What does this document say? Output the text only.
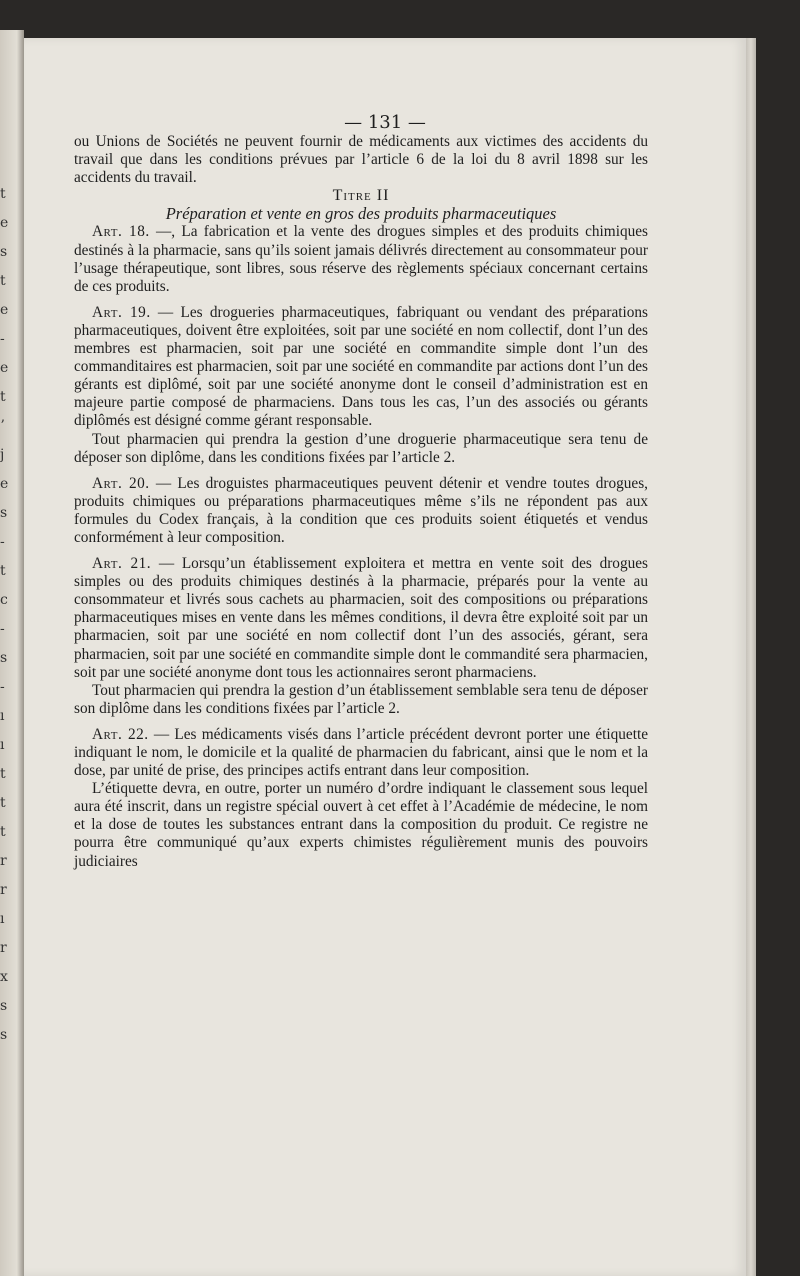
t
e
s
t
e
-
e
t
ʼ
j
e
s
-
t
c
-
s
-
ı
ı
t
t
t
r
r
ı
r
x
s
s
— 131 —

ou Unions de Sociétés ne peuvent fournir de médicaments aux victimes des accidents du travail que dans les conditions prévues par l’article 6 de la loi du 8 avril 1898 sur les accidents du travail.

Titre II

Préparation et vente en gros des produits pharmaceutiques

Art. 18. —, La fabrication et la vente des drogues simples et des produits chimiques destinés à la pharmacie, sans qu’ils soient jamais délivrés directement au consommateur pour l’usage thérapeutique, sont libres, sous réserve des règlements spéciaux concernant certains de ces produits.

Art. 19. — Les drogueries pharmaceutiques, fabriquant ou vendant des préparations pharmaceutiques, doivent être exploitées, soit par une société en nom collectif, dont l’un des membres est pharmacien, soit par une société en commandite simple dont l’un des commanditaires est pharmacien, soit par une société en commandite par actions dont l’un des gérants est diplômé, soit par une société anonyme dont le conseil d’administration est en majeure partie composé de pharmaciens. Dans tous les cas, l’un des associés ou gérants diplômés est désigné comme gérant responsable.

Tout pharmacien qui prendra la gestion d’une droguerie pharmaceutique sera tenu de déposer son diplôme, dans les conditions fixées par l’article 2.

Art. 20. — Les droguistes pharmaceutiques peuvent détenir et vendre toutes drogues, produits chimiques ou préparations pharmaceutiques même s’ils ne répondent pas aux formules du Codex français, à la condition que ces produits soient étiquetés et vendus conformément à leur composition.

Art. 21. — Lorsqu’un établissement exploitera et mettra en vente soit des drogues simples ou des produits chimiques destinés à la pharmacie, préparés pour la vente au consommateur et livrés sous cachets au pharmacien, soit des compositions ou préparations pharmaceutiques mises en vente dans les mêmes conditions, il devra être exploité soit par un pharmacien, soit par une société en nom collectif dont l’un des associés, gérant, sera pharmacien, soit par une société en commandite simple dont le commandité sera pharmacien, soit par une société anonyme dont tous les actionnaires seront pharmaciens.

Tout pharmacien qui prendra la gestion d’un établissement semblable sera tenu de déposer son diplôme dans les conditions fixées par l’article 2.

Art. 22. — Les médicaments visés dans l’article précédent devront porter une étiquette indiquant le nom, le domicile et la qualité de pharmacien du fabricant, ainsi que le nom et la dose, par unité de prise, des principes actifs entrant dans leur composition.

L’étiquette devra, en outre, porter un numéro d’ordre indiquant le classement sous lequel aura été inscrit, dans un registre spécial ouvert à cet effet à l’Académie de médecine, le nom et la dose de toutes les substances entrant dans la composition du produit. Ce registre ne pourra être communiqué qu’aux experts chimistes régulièrement munis des pouvoirs judiciaires
